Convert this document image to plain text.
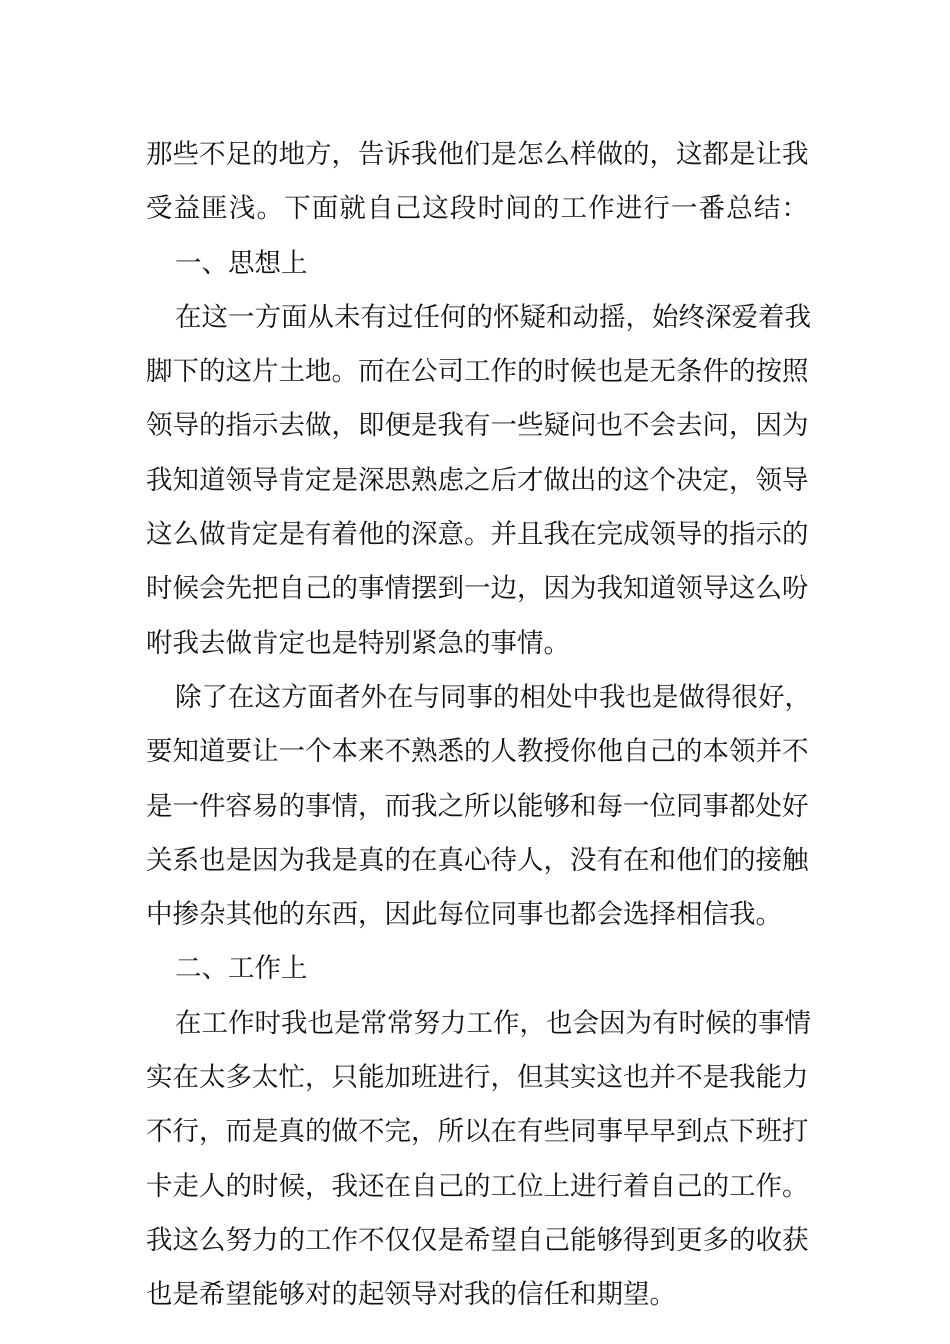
那些不足的地方，告诉我他们是怎么样做的，这都是让我
受益匪浅。下面就自己这段时间的工作进行一番总结：
一、思想上
在这一方面从未有过任何的怀疑和动摇，始终深爱着我
脚下的这片土地。而在公司工作的时候也是无条件的按照
领导的指示去做，即便是我有一些疑问也不会去问，因为
我知道领导肯定是深思熟虑之后才做出的这个决定，领导
这么做肯定是有着他的深意。并且我在完成领导的指示的
时候会先把自己的事情摆到一边，因为我知道领导这么吩
咐我去做肯定也是特别紧急的事情。
除了在这方面者外在与同事的相处中我也是做得很好，
要知道要让一个本来不熟悉的人教授你他自己的本领并不
是一件容易的事情，而我之所以能够和每一位同事都处好
关系也是因为我是真的在真心待人，没有在和他们的接触
中掺杂其他的东西，因此每位同事也都会选择相信我。
二、工作上
在工作时我也是常常努力工作，也会因为有时候的事情
实在太多太忙，只能加班进行，但其实这也并不是我能力
不行，而是真的做不完，所以在有些同事早早到点下班打
卡走人的时候，我还在自己的工位上进行着自己的工作。
我这么努力的工作不仅仅是希望自己能够得到更多的收获
也是希望能够对的起领导对我的信任和期望。
